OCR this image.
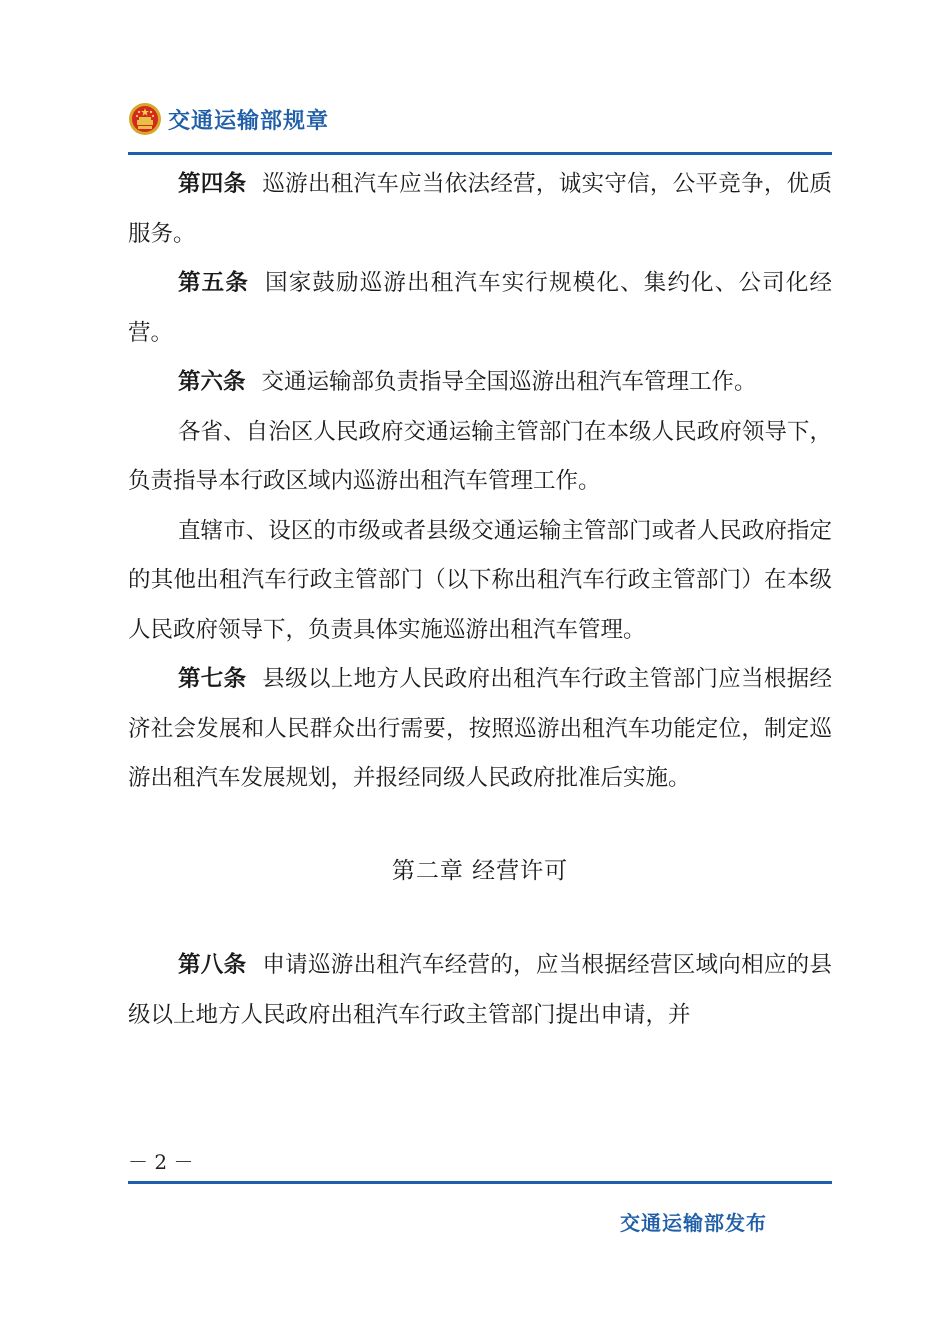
交通运输部规章

第四条 巡游出租汽车应当依法经营，诚实守信，公平竞争，优质服务。

第五条 国家鼓励巡游出租汽车实行规模化、集约化、公司化经营。

第六条 交通运输部负责指导全国巡游出租汽车管理工作。

各省、自治区人民政府交通运输主管部门在本级人民政府领导下，负责指导本行政区域内巡游出租汽车管理工作。

直辖市、设区的市级或者县级交通运输主管部门或者人民政府指定的其他出租汽车行政主管部门（以下称出租汽车行政主管部门）在本级人民政府领导下，负责具体实施巡游出租汽车管理。

第七条 县级以上地方人民政府出租汽车行政主管部门应当根据经济社会发展和人民群众出行需要，按照巡游出租汽车功能定位，制定巡游出租汽车发展规划，并报经同级人民政府批准后实施。

第二章 经营许可

第八条 申请巡游出租汽车经营的，应当根据经营区域向相应的县级以上地方人民政府出租汽车行政主管部门提出申请，并

－ 2 －
交通运输部发布
